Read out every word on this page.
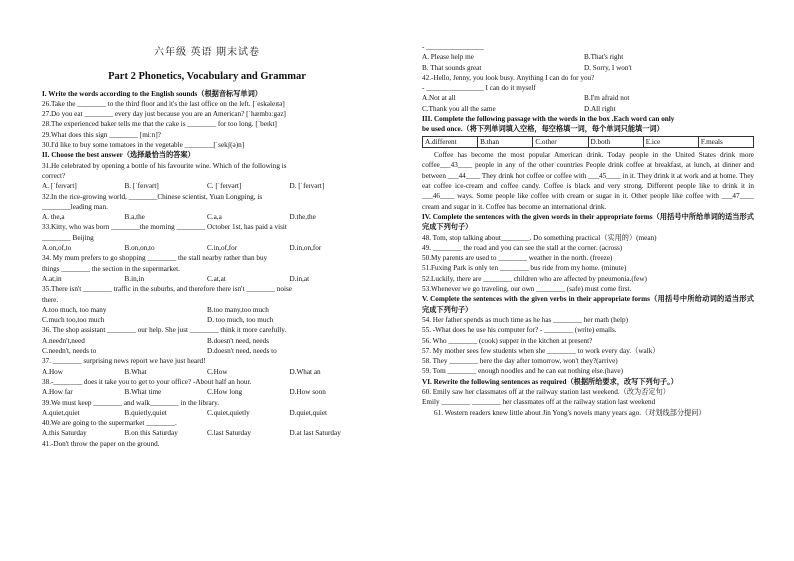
六年级 英语 期末试卷
Part 2 Phonetics, Vocabulary and Grammar
I. Write the words according to the English sounds（根据音标写单词）
26.Take the ________ to the third floor and it's the last office on the left. [ˈeskəleɪtə]
27.Do you eat ________ every day just because you are an American? [ˈhæmbɜːgəz]
28.The experienced baker tells me that the cake is ________ for too long. [ˈbeɪkt]
29.What does this sign ________ [miːn]?
30.I'd like to buy some tomatoes in the vegetable ________[ˈsekʃ(ə)n]
II. Choose the best answer（选择最恰当的答案）
31.He celebrated by opening a bottle of his favourite wine. Which of the following is
correct?
A. [ˈfeɪvərt]	B. [ˈfeɪvərt]	C. [ˈfeɪvərt]	D. [ˈfeɪvərt]
32.In the rice-growing world, ________Chinese scientist, Yuan Longping, is
________leading man.
A. the,a	B.a,the	C.a,a	D.the,the
33.Kitty, who was born ________the morning ________ October 1st, has paid a visit
________ Beijing
A.on,of,to	B.on,on,to	C.in,of,for	D.in,on,for
34. My mum prefers to go shopping ________ the stall nearby rather than buy
things ________ the section in the supermarket.
A.at,in	B.in,in	C.at,at	D.in,at
35.There isn't ________ traffic in the suburbs, and therefore there isn't ________ noise
there.
A.too much, too many	B.too many,too much
C.much too,too much	D. too much, too much
36. The shop assistant ________ our help. She just ________ think it more carefully.
A.needn't,need	B.doesn't need, needs
C.needn't, needs to	D.doesn't need, needs to
37. ________ surprising news report we have just heard!
A.How	B.What	C.How	D.What an
38.-________ does it take you to get to your office? -About half an hour.
A.How far	B.What time	C.How long	D.How soon
39.We must keep ________ and walk________ in the library.
A.quiet,quiet	B.quietly,quiet	C.quiet,quietly	D.quiet,quiet
40.We are going to the supermarket ________.
A.this Saturday	B.on this Saturday	C.last Saturday	D.at last Saturday
41.-Don't throw the paper on the ground.
- ________________
A. Please help me	B.That's right
B. That sounds great	D. Sorry, I won't
42.-Hello, Jenny, you look busy. Anything I can do for you?
- ________________ I can do it myself
A.Not at all	B.I'm afraid not
C.Thank you all the same	D.All right
III. Complete the following passage with the words in the box .Each word can only
be used once.（将下列单词填入空格，每空格填一词，每个单词只能填一词）
A.different	B.than	C.other	D.both	E.ice	F.meals
Coffee has become the most popular American drink. Today people in the United States drink more coffee___43____ people in any of the other countries People drink coffee at breakfast, at lunch, at dinner and between ___44____ They drink hot coffee or coffee with ___45____ in it. They drink it at work and at home. They eat coffee ice-cream and coffee candy. Coffee is black and very strong. Different people like to drink it in ___46____ ways. Some people like coffee with cream or sugar in it. Other people like coffee with ___47____ cream and sugar in it. Coffee has become an international drink.
IV. Complete the sentences with the given words in their appropriate forms（用括号中所给单词的适当形式完成下列句子）
48. Tom, stop talking about________. Do something practical（实用的）(mean)
49. ________ the road and you can see the stall at the corner. (across)
50.My parents are used to ________ weather in the north. (freeze)
51.Fuxing Park is only ten ________ bus ride from my home. (minute)
52.Luckily, there are ________ children who are affected by pneumonia.(few)
53.Whenever we go traveling, our own ________ (safe) must come first.
V. Complete the sentences with the given verbs in their appropriate forms（用括号中所给动词的适当形式完成下列句子）
54. Her father spends as much time as he has ________ her math (help)
55. -What does he use his computer for? - ________ (write) emails.
56. Who ________ (cook) supper in the kitchen at present?
57. My mother sees few students when she ________ to work every day.（walk）
58. They ________ here the day after tomorrow, won't they?(arrive)
59. Tom ________ enough noodles and he can eat nothing else.(have)
VI. Rewrite the following sentences as required（根据所给要求，改写下列句子。）
60. Emily saw her classmates off at the railway station last weekend.（改为否定句）
Emily ________ ________ her classmates off at the railway station last weekend
61. Western readers knew little about Jin Yong's novels many years ago.（对划线部分提问）
